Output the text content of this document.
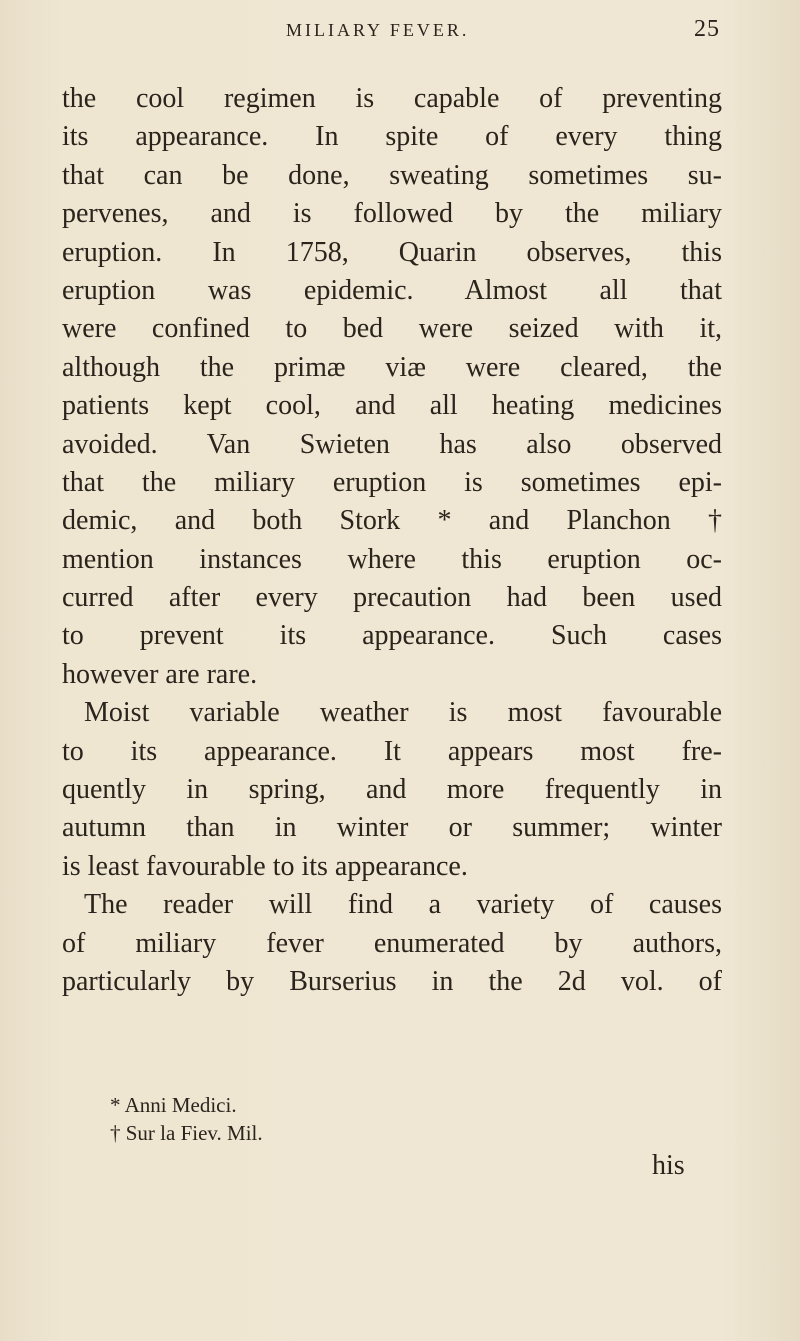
MILIARY FEVER.	25
the cool regimen is capable of preventing
its appearance. In spite of every thing
that can be done, sweating sometimes su-
pervenes, and is followed by the miliary
eruption. In 1758, Quarin observes, this
eruption was epidemic. Almost all that
were confined to bed were seized with it,
although the primæ viæ were cleared, the
patients kept cool, and all heating medicines
avoided. Van Swieten has also observed
that the miliary eruption is sometimes epi-
demic, and both Stork * and Planchon †
mention instances where this eruption oc-
curred after every precaution had been used
to prevent its appearance. Such cases
however are rare.
Moist variable weather is most favourable
to its appearance. It appears most fre-
quently in spring, and more frequently in
autumn than in winter or summer; winter
is least favourable to its appearance.
The reader will find a variety of causes
of miliary fever enumerated by authors,
particularly by Burserius in the 2d vol. of
* Anni Medici.
† Sur la Fiev. Mil.
his
